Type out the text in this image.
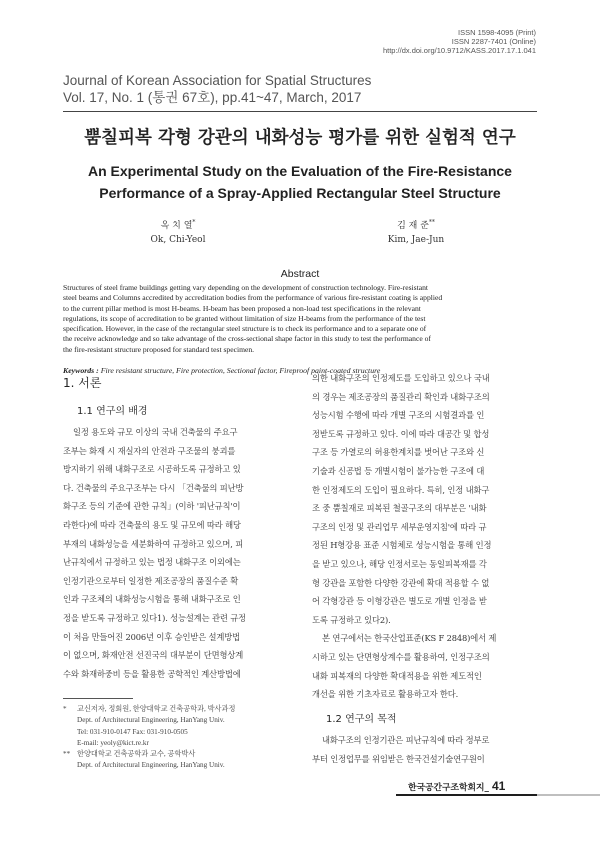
ISSN 1598-4095 (Print)
ISSN 2287-7401 (Online)
http://dx.doi.org/10.9712/KASS.2017.17.1.041
Journal of Korean Association for Spatial Structures
Vol. 17, No. 1 (통권 67호), pp.41~47, March, 2017
뿜칠피복 각형 강관의 내화성능 평가를 위한 실험적 연구
An Experimental Study on the Evaluation of the Fire-Resistance
Performance of a Spray-Applied Rectangular Steel Structure
옥 치 열*
Ok, Chi-Yeol
김 재 준**
Kim, Jae-Jun
Abstract
Structures of steel frame buildings getting vary depending on the development of construction technology. Fire-resistant
steel beams and Columns accredited by accreditation bodies from the performance of various fire-resistant coating is applied
to the current pillar method is most H-beams. H-beam has been proposed a non-load test specifications in the relevant
regulations, its scope of accreditation to be granted without limitation of size H-beams from the performance of the test
specification. However, in the case of the rectangular steel structure is to check its performance and to a separate one of
the receive acknowledge and so take advantage of the cross-sectional shape factor in this study to test the performance of
the fire-resistant structure proposed for standard test specimen.
Keywords : Fire resistant structure, Fire protection, Sectional factor, Fireproof paint-coated structure
1. 서론
1.1 연구의 배경
일정 용도와 규모 이상의 국내 건축물의 주요구
조부는 화재 시 재실자의 안전과 구조물의 붕괴를
방지하기 위해 내화구조로 시공하도록 규정하고 있
다. 건축물의 주요구조부는 다시 「건축물의 피난방
화구조 등의 기준에 관한 규칙」(이하 '피난규칙'이
라한다)에 따라 건축물의 용도 및 규모에 따라 해당
부재의 내화성능을 세분화하여 규정하고 있으며, 피
난규칙에서 규정하고 있는 법정 내화구조 이외에는
인정기관으로부터 일정한 제조공장의 품질수준 확
인과 구조체의 내화성능시험을 통해 내화구조로 인
정을 받도록 규정하고 있다1). 성능설계는 관련 규정
이 처음 만들어진 2006년 이후 승인받은 설계방법
이 없으며, 화재안전 선진국의 대부분이 단면형상계
수와 화재하중비 등을 활용한 공학적인 계산방법에
* 교신저자, 정회원, 한양대학교 건축공학과, 박사과정
Dept. of Architectural Engineering, HanYang Univ.
Tel: 031-910-0147 Fax: 031-910-0505
E-mail: yeoly@kict.re.kr
** 한양대학교 건축공학과 교수, 공학박사
Dept. of Architectural Engineering, HanYang Univ.
의한 내화구조의 인정제도를 도입하고 있으나 국내
의 경우는 제조공장의 품질관리 확인과 내화구조의
성능시험 수행에 따라 개별 구조의 시험결과를 인
정받도록 규정하고 있다. 이에 따라 대공간 및 합성
구조 등 가열로의 허용한계치를 벗어난 구조와 신
기술과 신공법 등 개별시험이 불가능한 구조에 대
한 인정제도의 도입이 필요하다. 특히, 인정 내화구
조 중 뿜칠재로 피복된 철골구조의 대부분은 '내화
구조의 인정 및 관리업무 세부운영지침'에 따라 규
정된 H형강용 표준 시험체로 성능시험을 통해 인정
을 받고 있으나, 해당 인정서로는 동일피복재를 각
형 강관을 포함한 다양한 강관에 확대 적용할 수 없
어 각형강관 등 이형강관은 별도로 개별 인정을 받
도록 규정하고 있다2).
본 연구에서는 한국산업표준(KS F 2848)에서 제
시하고 있는 단면형상계수를 활용하여, 인정구조의
내화 피복재의 다양한 확대적용을 위한 제도적인
개선을 위한 기초자료로 활용하고자 한다.
1.2 연구의 목적
내화구조의 인정기관은 피난규칙에 따라 정부로
부터 인정업무를 위임받은 한국건설기술연구원이
한국공간구조학회지_ 41
